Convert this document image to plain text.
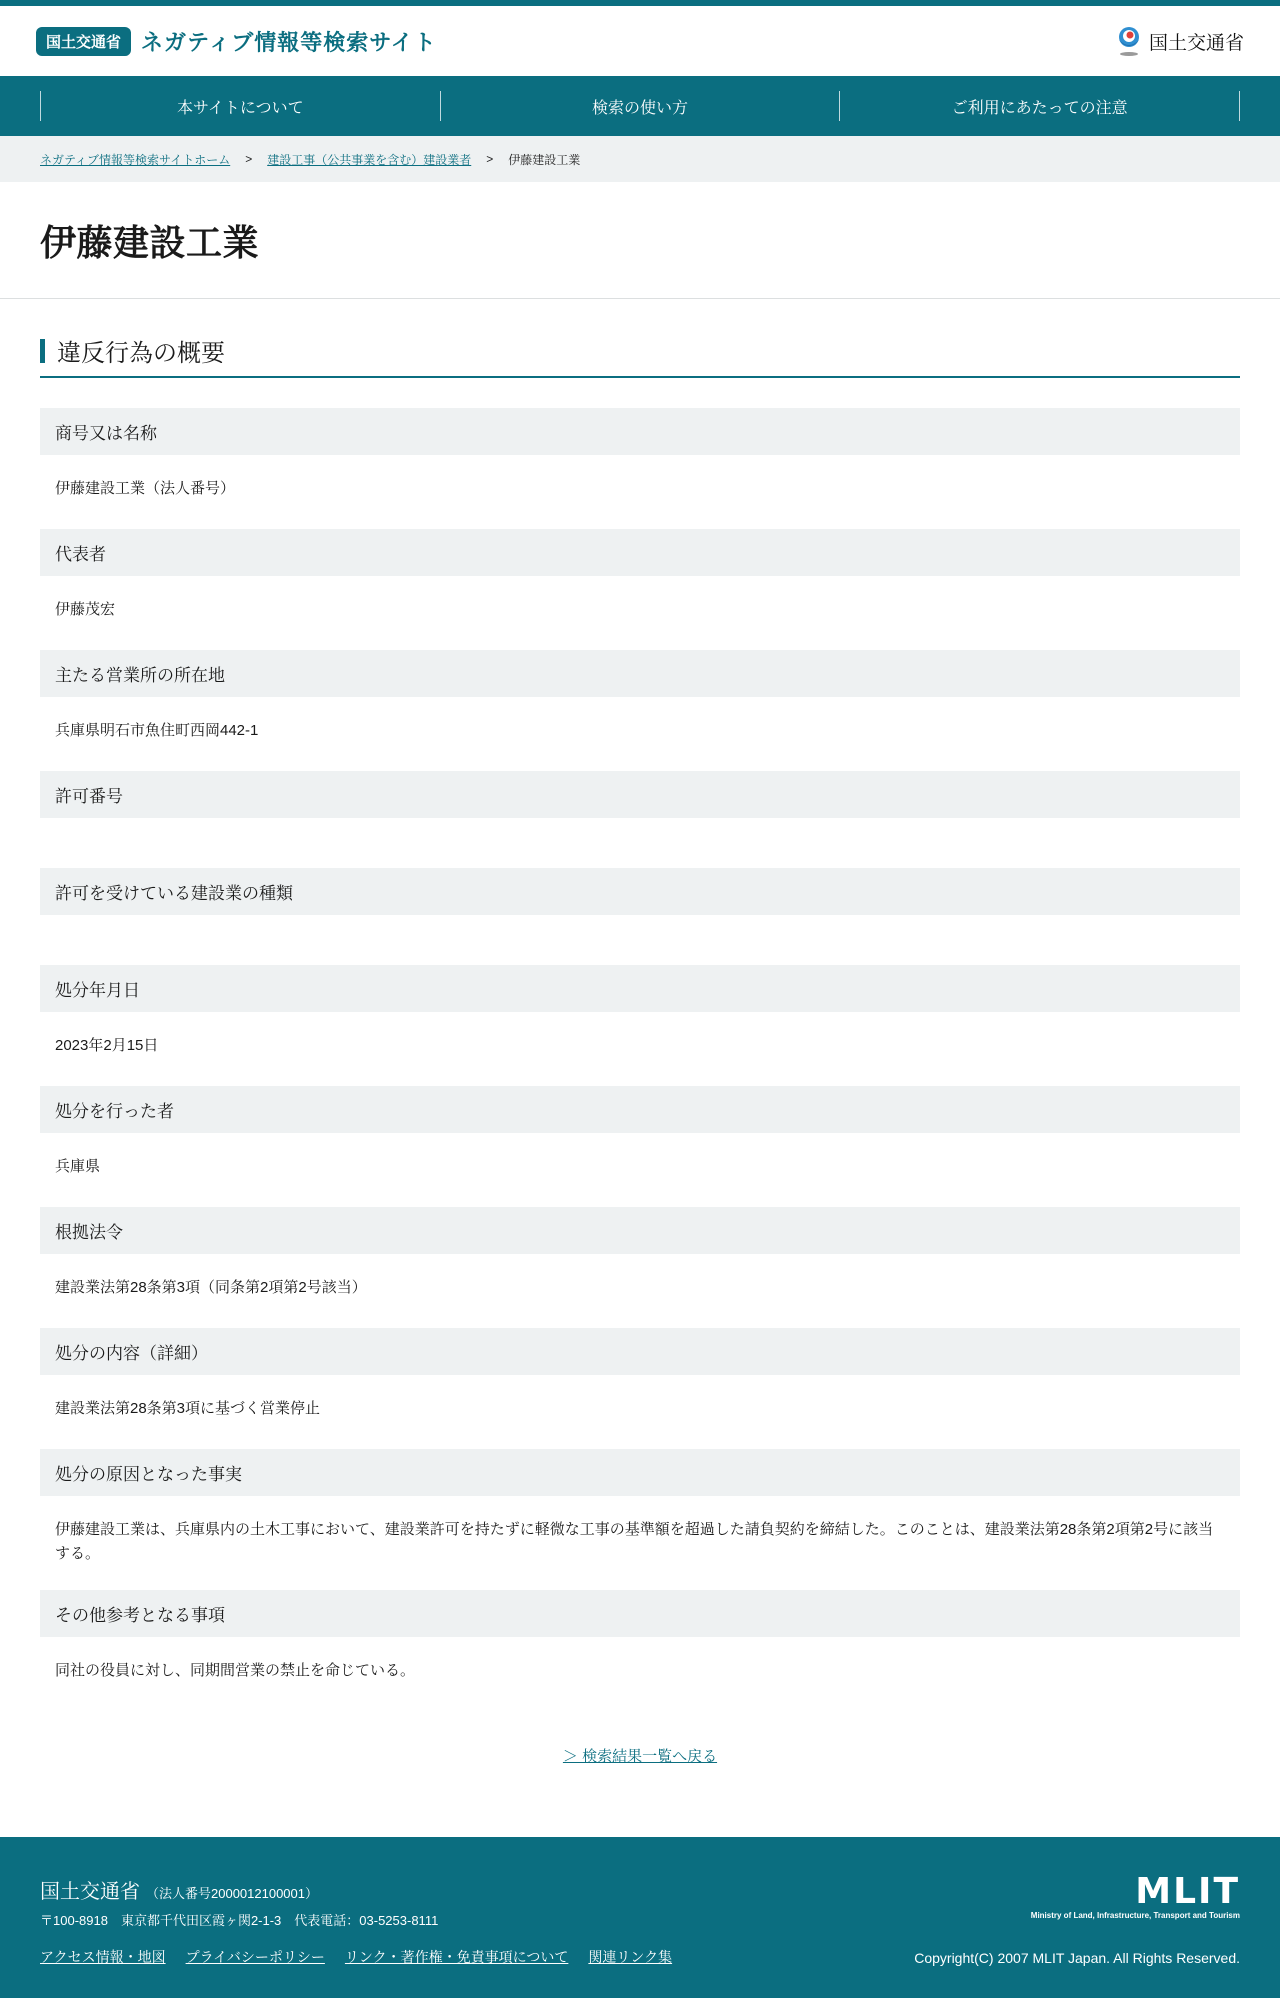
国土交通省 ネガティブ情報等検索サイト	国土交通省
本サイトについて	検索の使い方	ご利用にあたっての注意
ネガティブ情報等検索サイトホーム > 建設工事（公共事業を含む）建設業者 > 伊藤建設工業
伊藤建設工業
違反行為の概要
商号又は名称
伊藤建設工業（法人番号）
代表者
伊藤茂宏
主たる営業所の所在地
兵庫県明石市魚住町西岡442-1
許可番号
許可を受けている建設業の種類
処分年月日
2023年2月15日
処分を行った者
兵庫県
根拠法令
建設業法第28条第3項（同条第2項第2号該当）
処分の内容（詳細）
建設業法第28条第3項に基づく営業停止
処分の原因となった事実
伊藤建設工業は、兵庫県内の土木工事において、建設業許可を持たずに軽微な工事の基準額を超過した請負契約を締結した。このことは、建設業法第28条第2項第2号に該当する。
その他参考となる事項
同社の役員に対し、同期間営業の禁止を命じている。
＞ 検索結果一覧へ戻る
国土交通省 （法人番号2000012100001）
〒100-8918　東京都千代田区霞ヶ関2-1-3　代表電話：03-5253-8111
アクセス情報・地図 プライバシーポリシー リンク・著作権・免責事項について 関連リンク集
MLIT
Ministry of Land, Infrastructure, Transport and Tourism
Copyright(C) 2007 MLIT Japan. All Rights Reserved.
